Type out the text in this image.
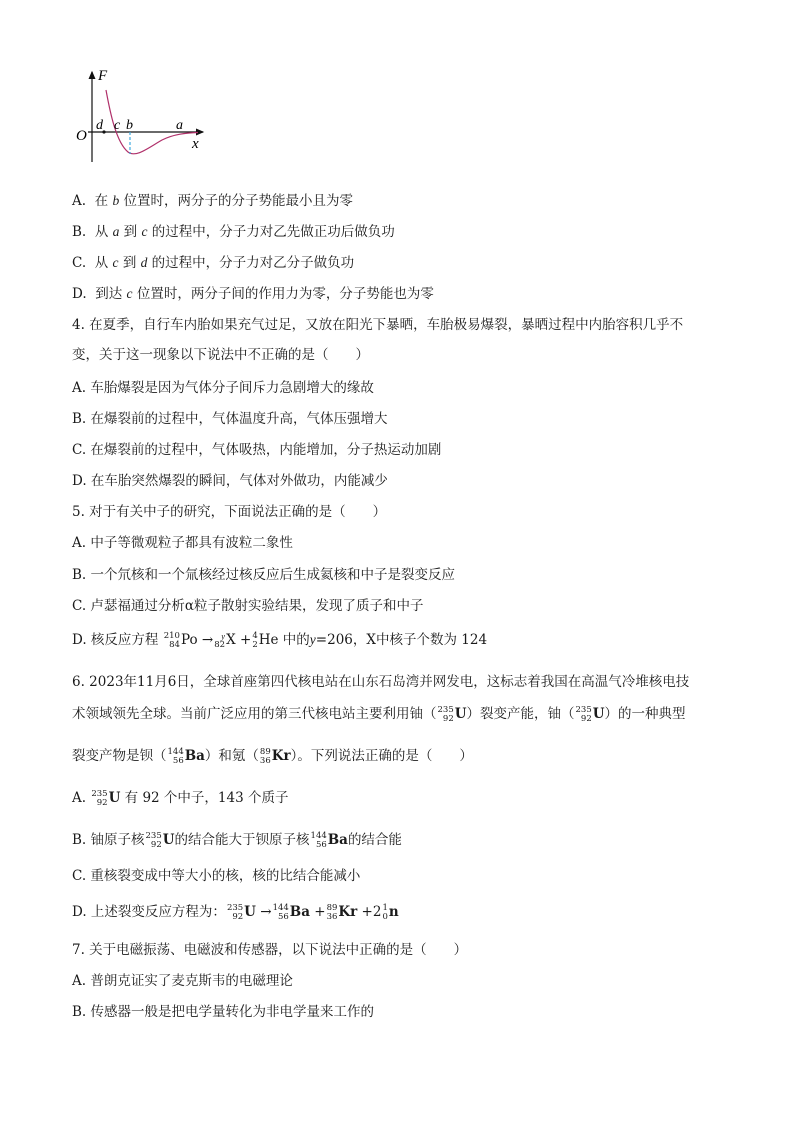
F
x
O
d c b	a
A. 在 b 位置时，两分子的分子势能最小且为零
B. 从 a 到 c 的过程中，分子力对乙先做正功后做负功
C. 从 c 到 d 的过程中，分子力对乙分子做负功
D. 到达 c 位置时，两分子间的作用力为零，分子势能也为零
4. 在夏季，自行车内胎如果充气过足，又放在阳光下暴晒，车胎极易爆裂，暴晒过程中内胎容积几乎不
变，关于这一现象以下说法中不正确的是（　　）
A. 车胎爆裂是因为气体分子间斥力急剧增大的缘故
B. 在爆裂前的过程中，气体温度升高，气体压强增大
C. 在爆裂前的过程中，气体吸热，内能增加，分子热运动加剧
D. 在车胎突然爆裂的瞬间，气体对外做功，内能减少
5. 对于有关中子的研究，下面说法正确的是（　　）
A. 中子等微观粒子都具有波粒二象性
B. 一个氘核和一个氚核经过核反应后生成氦核和中子是裂变反应
C. 卢瑟福通过分析α粒子散射实验结果，发现了质子和中子
D. 核反应方程 210
84 Po → y
82 X + 4
2 He 中的y=206，X中核子个数为 124
6. 2023年11月6日，全球首座第四代核电站在山东石岛湾并网发电，这标志着我国在高温气冷堆核电技
术领域领先全球。当前广泛应用的第三代核电站主要利用铀（ 235
92 U）裂变产能，铀（ 235
92 U）的一种典型
裂变产物是钡（ 144
56 Ba）和氪（ 89
36 Kr）。下列说法正确的是（　　）
A. 235
92 U 有 92 个中子，143 个质子
B. 铀原子核 235
92 U的结合能大于钡原子核 144
56 Ba的结合能
C. 重核裂变成中等大小的核，核的比结合能减小
D. 上述裂变反应方程为： 235
92 U → 144
56 Ba + 89
36 Kr +2 1
0 n
7. 关于电磁振荡、电磁波和传感器，以下说法中正确的是（　　）
A. 普朗克证实了麦克斯韦的电磁理论
B. 传感器一般是把电学量转化为非电学量来工作的
